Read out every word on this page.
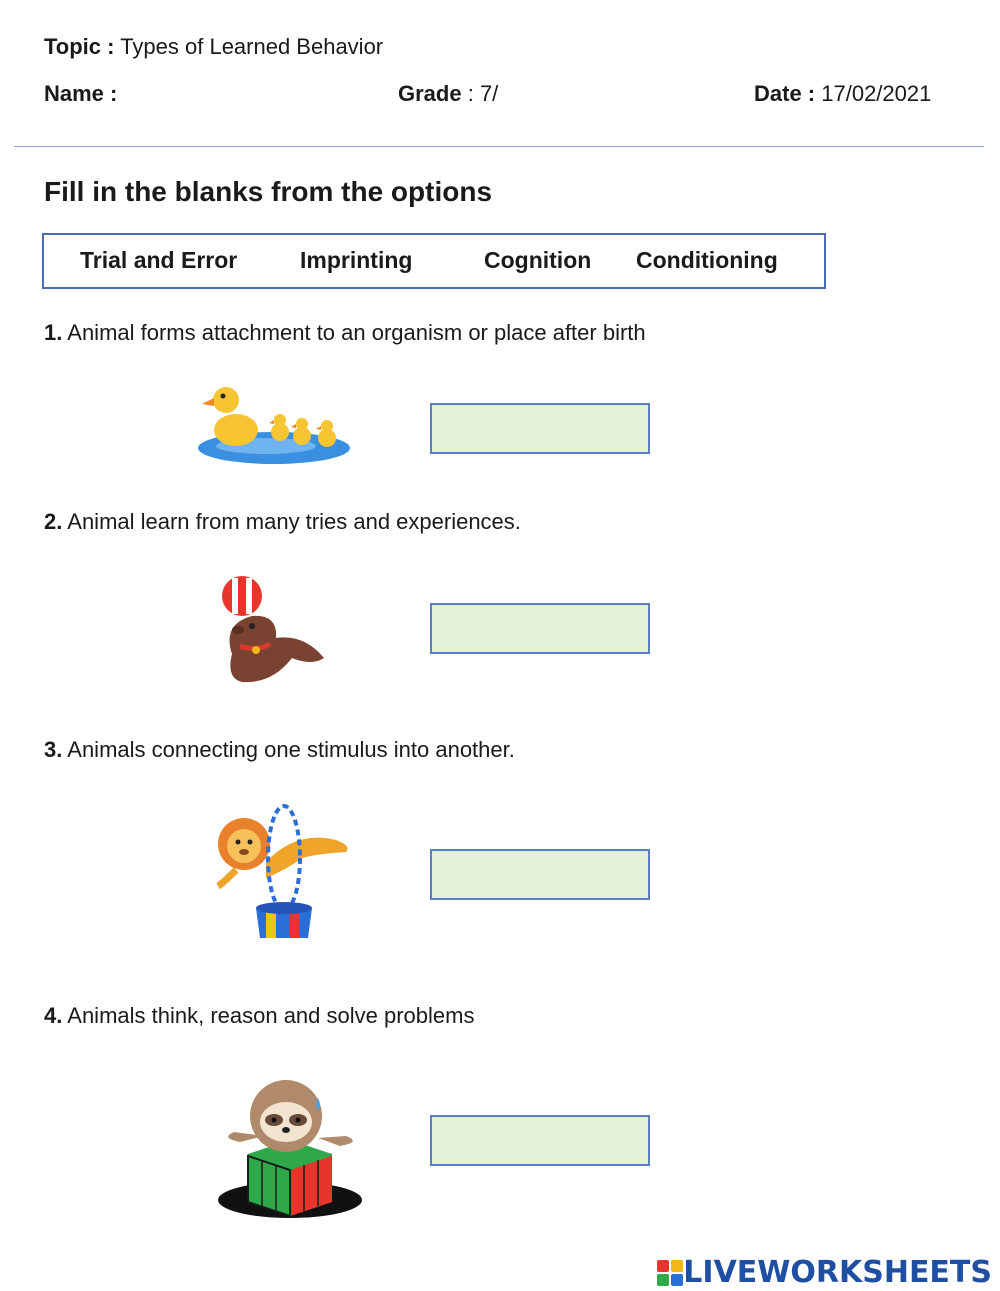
Topic : Types of Learned Behavior
Name :	Grade : 7/	Date : 17/02/2021
Fill in the blanks from the options
Trial and Error	Imprinting	Cognition Conditioning
1. Animal forms attachment to an organism or place after birth
2. Animal learn from many tries and experiences.
3. Animals connecting one stimulus into another.
4. Animals think, reason and solve problems
LIVEWORKSHEETS
